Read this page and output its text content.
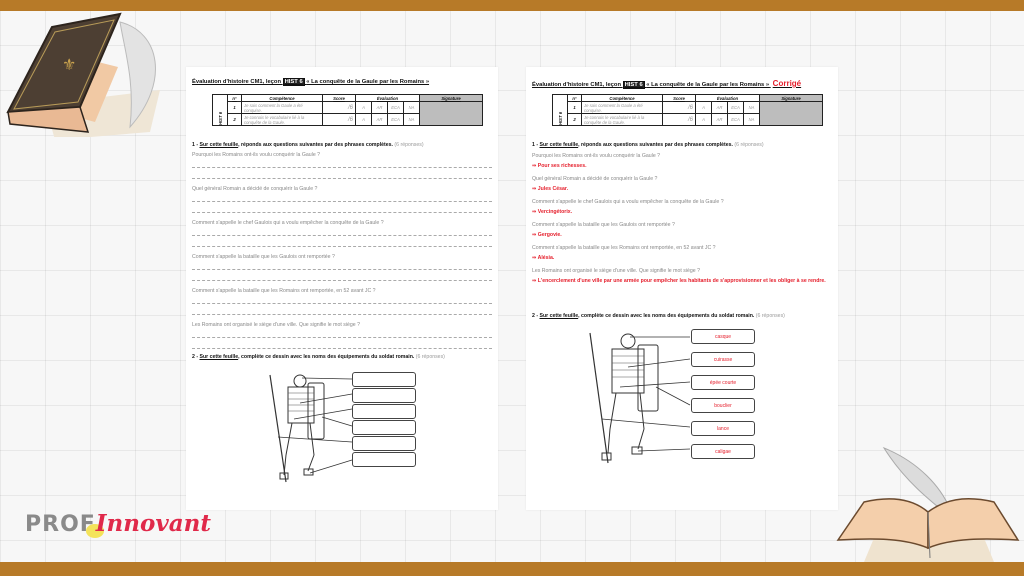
⚜
Évaluation d'histoire CM1, leçon HIST 6 « La conquête de la Gaule par les Romains »
HIST 6	n°	Compétence	Score	Évaluation				Signature
	1	Je sais comment la Gaule a été conquise.	/6	A	AR	ECA	NA	
	2	Je connais le vocabulaire lié à la conquête de la Gaule.	/6	A	AR	ECA	NA	
1 - Sur cette feuille, réponds aux questions suivantes par des phrases complètes. (6 réponses)
Pourquoi les Romains ont-ils voulu conquérir la Gaule ?
Quel général Romain a décidé de conquérir la Gaule ?
Comment s'appelle le chef Gaulois qui a voulu empêcher la conquête de la Gaule ?
Comment s'appelle la bataille que les Gaulois ont remportée ?
Comment s'appelle la bataille que les Romains ont remportée, en 52 avant JC ?
Les Romains ont organisé le siège d'une ville. Que signifie le mot siège ?
2 - Sur cette feuille, complète ce dessin avec les noms des équipements du soldat romain. (6 réponses)
Évaluation d'histoire CM1, leçon HIST 6 « La conquête de la Gaule par les Romains » Corrigé
HIST 6	n°	Compétence	Score	Évaluation				Signature
	1	Je sais comment la Gaule a été conquise.	/6	A	AR	ECA	NA	
	2	Je connais le vocabulaire lié à la conquête de la Gaule.	/6	A	AR	ECA	NA	
1 - Sur cette feuille, réponds aux questions suivantes par des phrases complètes. (6 réponses)
Pourquoi les Romains ont-ils voulu conquérir la Gaule ?
⇒ Pour ses richesses.
Quel général Romain a décidé de conquérir la Gaule ?
⇒ Jules César.
Comment s'appelle le chef Gaulois qui a voulu empêcher la conquête de la Gaule ?
⇒ Vercingétorix.
Comment s'appelle la bataille que les Gaulois ont remportée ?
⇒ Gergovie.
Comment s'appelle la bataille que les Romains ont remportée, en 52 avant JC ?
⇒ Alésia.
Les Romains ont organisé le siège d'une ville. Que signifie le mot siège ?
⇒ L'encerclement d'une ville par une armée pour empêcher les habitants de s'approvisionner et les obliger à se rendre.
2 - Sur cette feuille, complète ce dessin avec les noms des équipements du soldat romain. (6 réponses)
casque
cuirasse
épée courte
bouclier
lance
caligae
PROF Innovant
